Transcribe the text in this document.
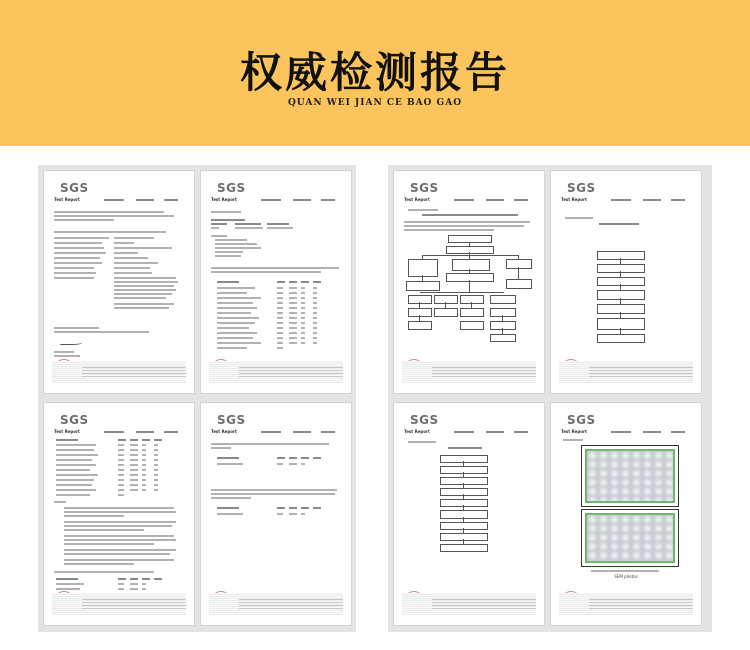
权威检测报告
QUAN WEI JIAN CE BAO GAO
SGS
Test Report
SGS
Test Report
SGS
Test Report
SGS
Test Report
SGS
Test Report
SGS
Test Report
SGS
Test Report
SGS
Test Report
SEM photos
